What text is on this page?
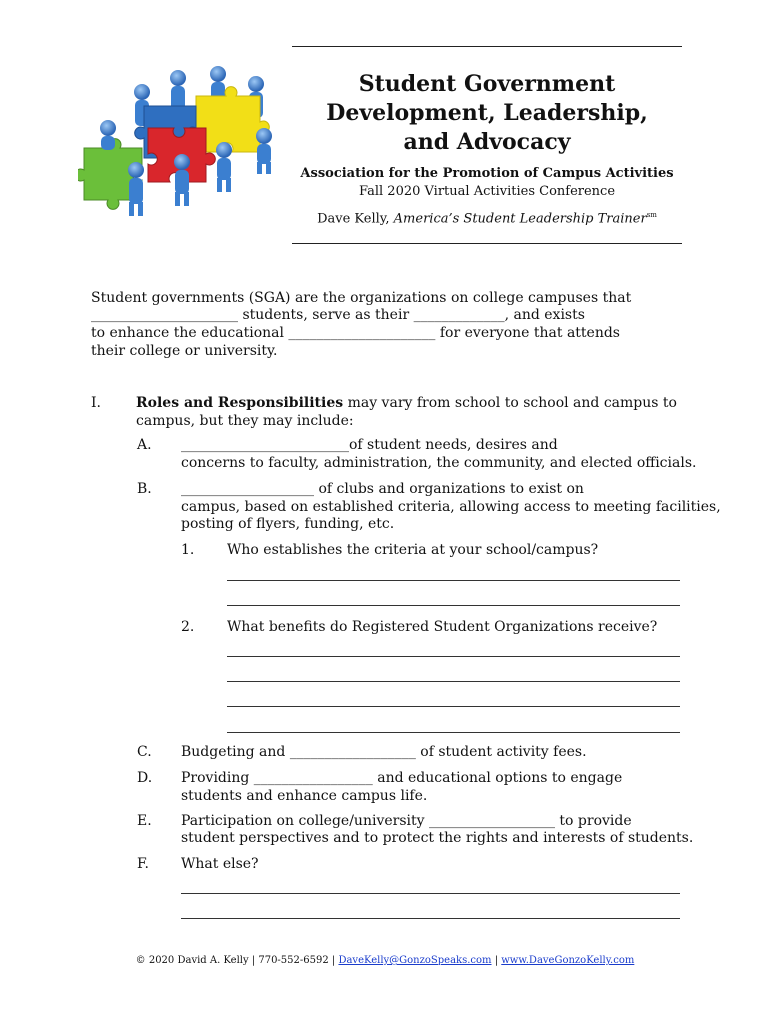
Student Government
Development, Leadership,
and Advocacy
Association for the Promotion of Campus Activities
Fall 2020 Virtual Activities Conference
Dave Kelly, America’s Student Leadership Trainer$^{sm}$
Student governments (SGA) are the organizations on college campuses that
_____________________ students, serve as their _____________, and exists
to enhance the educational _____________________ for everyone that attends
their college or university.
I.	Roles and Responsibilities may vary from school to school and campus to
campus, but they may include:
A. ________________________of student needs, desires and
concerns to faculty, administration, the community, and elected officials.
B. ___________________ of clubs and organizations to exist on
campus, based on established criteria, allowing access to meeting facilities,
posting of flyers, funding, etc.
1. Who establishes the criteria at your school/campus?
2. What benefits do Registered Student Organizations receive?
C. Budgeting and __________________ of student activity fees.
D. Providing _________________ and educational options to engage
students and enhance campus life.
E. Participation on college/university __________________ to provide
student perspectives and to protect the rights and interests of students.
F. What else?
© 2020 David A. Kelly | 770-552-6592 | DaveKelly@GonzoSpeaks.com | www.DaveGonzoKelly.com
